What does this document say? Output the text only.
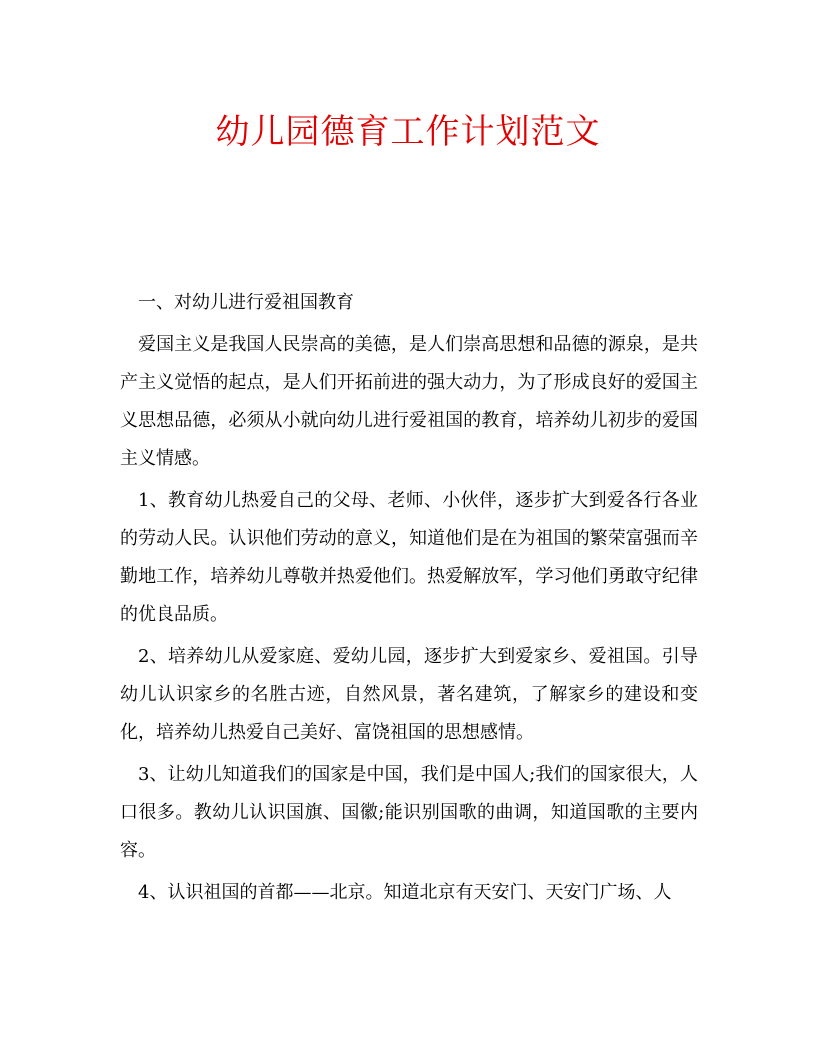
幼儿园德育工作计划范文

一、对幼儿进行爱祖国教育

爱国主义是我国人民崇高的美德，是人们崇高思想和品德的源泉，是共产主义觉悟的起点，是人们开拓前进的强大动力，为了形成良好的爱国主义思想品德，必须从小就向幼儿进行爱祖国的教育，培养幼儿初步的爱国主义情感。

1、教育幼儿热爱自己的父母、老师、小伙伴，逐步扩大到爱各行各业的劳动人民。认识他们劳动的意义，知道他们是在为祖国的繁荣富强而辛勤地工作，培养幼儿尊敬并热爱他们。热爱解放军，学习他们勇敢守纪律的优良品质。

2、培养幼儿从爱家庭、爱幼儿园，逐步扩大到爱家乡、爱祖国。引导幼儿认识家乡的名胜古迹，自然风景，著名建筑，了解家乡的建设和变化，培养幼儿热爱自己美好、富饶祖国的思想感情。

3、让幼儿知道我们的国家是中国，我们是中国人;我们的国家很大，人口很多。教幼儿认识国旗、国徽;能识别国歌的曲调，知道国歌的主要内容。

4、认识祖国的首都——北京。知道北京有天安门、天安门广场、人
